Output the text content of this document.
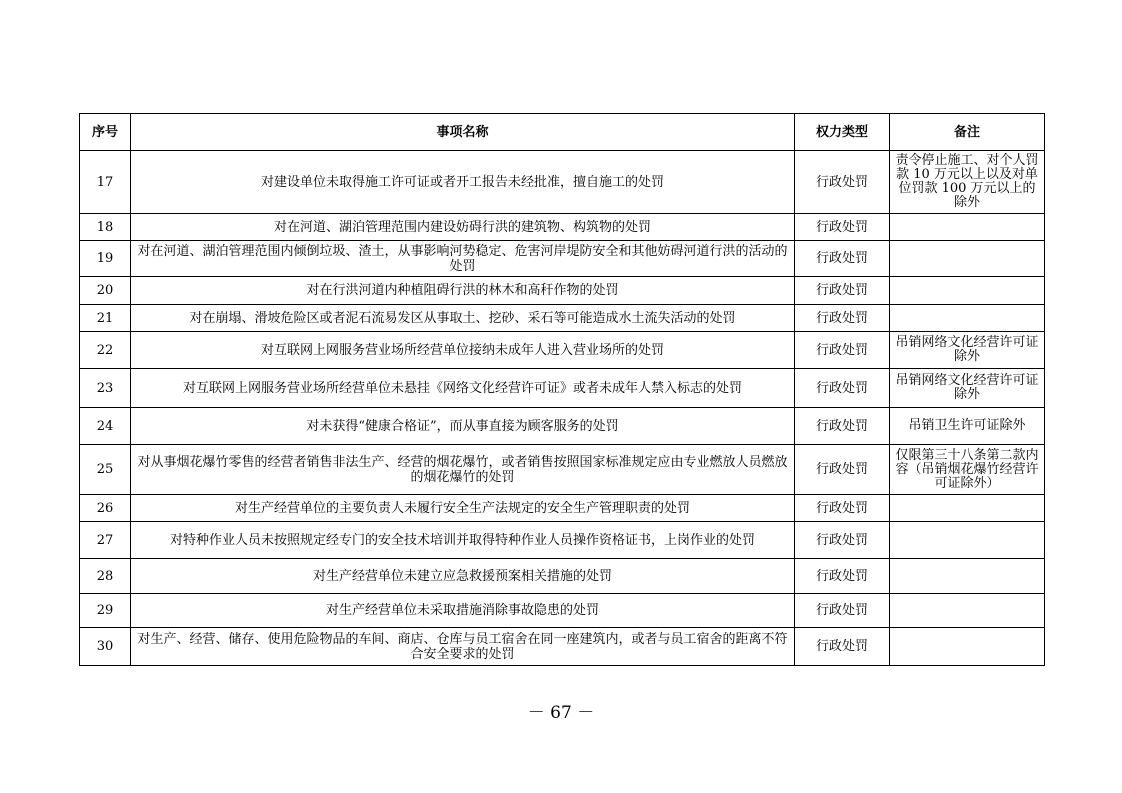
序号	事项名称	权力类型	备注
17	对建设单位未取得施工许可证或者开工报告未经批准，擅自施工的处罚	行政处罚	责令停止施工、对个人罚款 10 万元以上以及对单位罚款 100 万元以上的除外
18	对在河道、湖泊管理范围内建设妨碍行洪的建筑物、构筑物的处罚	行政处罚	
19	对在河道、湖泊管理范围内倾倒垃圾、渣土，从事影响河势稳定、危害河岸堤防安全和其他妨碍河道行洪的活动的处罚	行政处罚	
20	对在行洪河道内种植阻碍行洪的林木和高秆作物的处罚	行政处罚	
21	对在崩塌、滑坡危险区或者泥石流易发区从事取土、挖砂、采石等可能造成水土流失活动的处罚	行政处罚	
22	对互联网上网服务营业场所经营单位接纳未成年人进入营业场所的处罚	行政处罚	吊销网络文化经营许可证除外
23	对互联网上网服务营业场所经营单位未悬挂《网络文化经营许可证》或者未成年人禁入标志的处罚	行政处罚	吊销网络文化经营许可证除外
24	对未获得“健康合格证”，而从事直接为顾客服务的处罚	行政处罚	吊销卫生许可证除外
25	对从事烟花爆竹零售的经营者销售非法生产、经营的烟花爆竹，或者销售按照国家标准规定应由专业燃放人员燃放的烟花爆竹的处罚	行政处罚	仅限第三十八条第二款内容（吊销烟花爆竹经营许可证除外）
26	对生产经营单位的主要负责人未履行安全生产法规定的安全生产管理职责的处罚	行政处罚	
27	对特种作业人员未按照规定经专门的安全技术培训并取得特种作业人员操作资格证书，上岗作业的处罚	行政处罚	
28	对生产经营单位未建立应急救援预案相关措施的处罚	行政处罚	
29	对生产经营单位未采取措施消除事故隐患的处罚	行政处罚	
30	对生产、经营、储存、使用危险物品的车间、商店、仓库与员工宿舍在同一座建筑内，或者与员工宿舍的距离不符合安全要求的处罚	行政处罚	
－ 67 －
